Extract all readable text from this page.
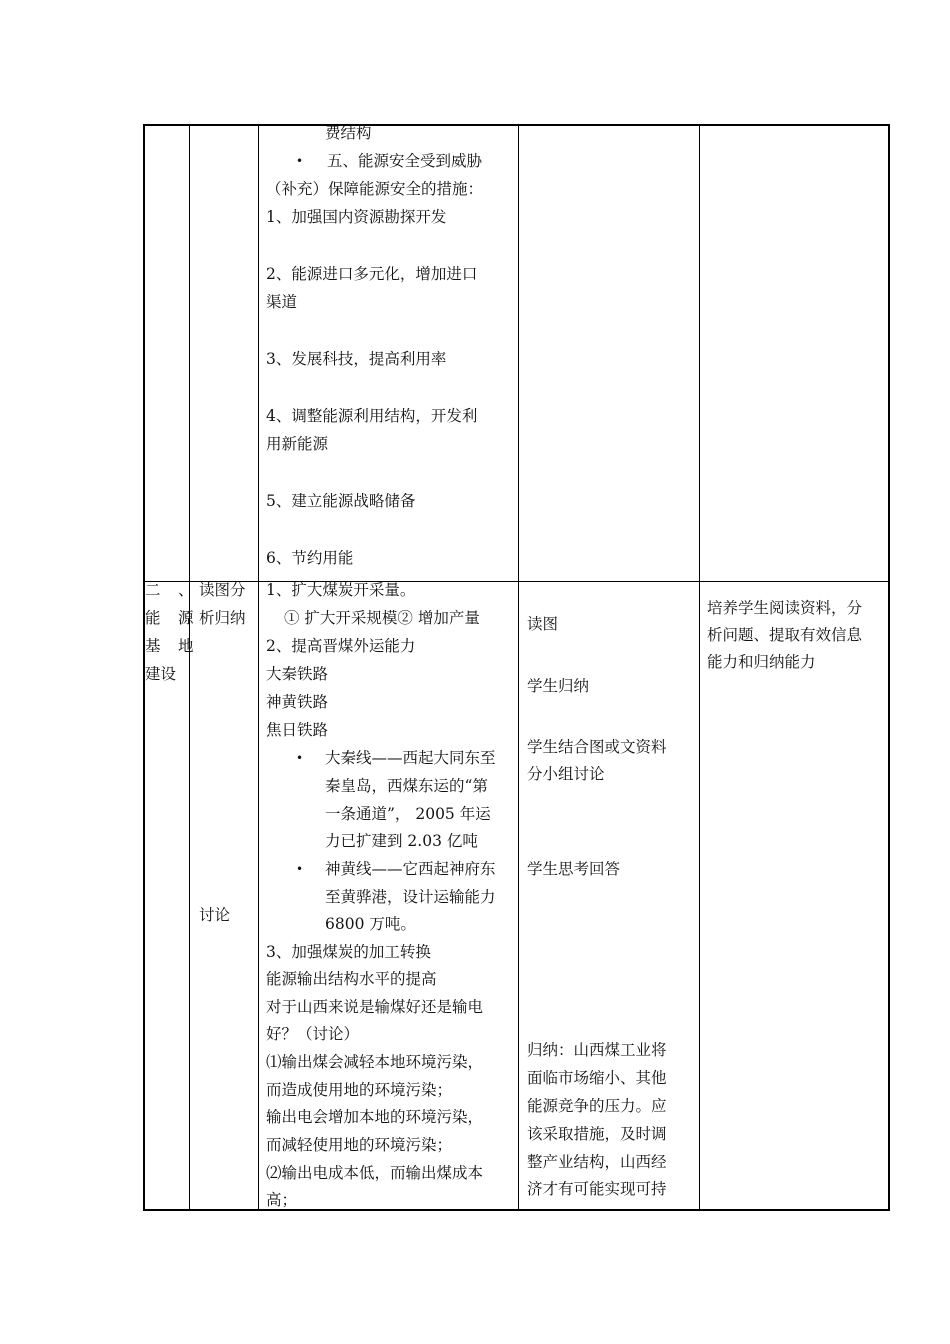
费结构
• 五、能源安全受到威胁
（补充）保障能源安全的措施：
1、加强国内资源勘探开发
2、能源进口多元化，增加进口
渠道
3、发展科技，提高利用率
4、调整能源利用结构，开发利
用新能源
5、建立能源战略储备
6、节约用能
二　、
能　源
基　地
建设
读图分
析归纳
讨论
1、扩大煤炭开采量。
① 扩大开采规模② 增加产量
2、提高晋煤外运能力
大秦铁路
神黄铁路
焦日铁路
• 大秦线——西起大同东至
秦皇岛，西煤东运的“第
一条通道”， 2005 年运
力已扩建到 2.03 亿吨
• 神黄线——它西起神府东
至黄骅港，设计运输能力
6800 万吨。
3、加强煤炭的加工转换
能源输出结构水平的提高
对于山西来说是输煤好还是输电
好？（讨论）
⑴输出煤会减轻本地环境污染，
而造成使用地的环境污染；
输出电会增加本地的环境污染，
而减轻使用地的环境污染；
⑵输出电成本低，而输出煤成本
高；
读图
学生归纳
学生结合图或文资料
分小组讨论
学生思考回答
归纳：山西煤工业将
面临市场缩小、其他
能源竞争的压力。应
该采取措施，及时调
整产业结构，山西经
济才有可能实现可持
培养学生阅读资料，分
析问题、提取有效信息
能力和归纳能力
